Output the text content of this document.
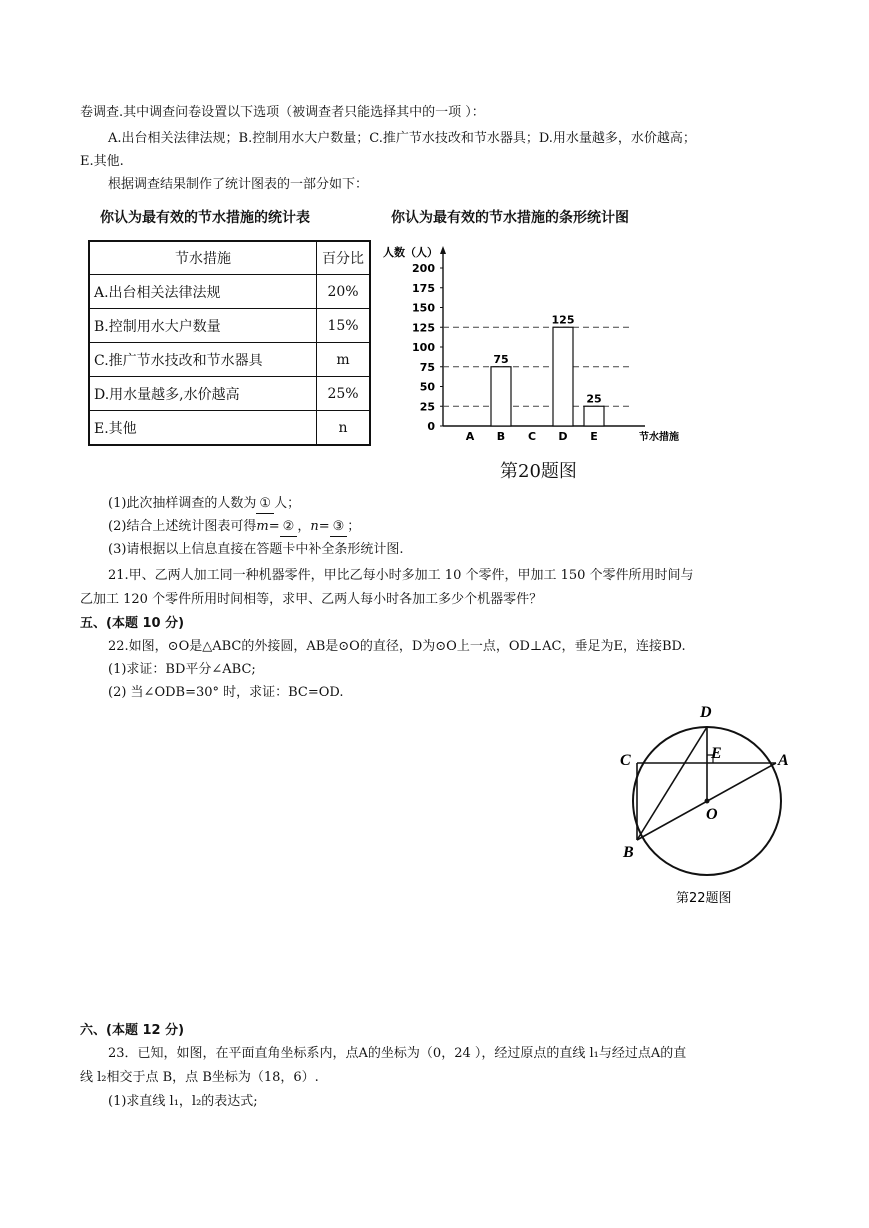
卷调查.其中调查问卷设置以下选项（被调查者只能选择其中的一项 ）：
A.出台相关法律法规；B.控制用水大户数量；C.推广节水技改和节水器具；D.用水量越多，水价越高；
E.其他.
根据调查结果制作了统计图表的一部分如下：
你认为最有效的节水措施的统计表
节水措施	百分比
A.出台相关法律法规	20%
B.控制用水大户数量	15%
C.推广节水技改和节水器具	m
D.用水量越多,水价越高	25%
E.其他	n
你认为最有效的节水措施的条形统计图
人数（人）
0
25
50
75
100
125
150
175
200
A
75
B C
125
D
25
E	节水措施
第20题图
(1)此次抽样调查的人数为 ① 人；
(2)结合上述统计图表可得m= ② ，n= ③ ；
(3)请根据以上信息直接在答题卡中补全条形统计图.
21.甲、乙两人加工同一种机器零件，甲比乙每小时多加工 10 个零件，甲加工 150 个零件所用时间与
乙加工 120 个零件所用时间相等，求甲、乙两人每小时各加工多少个机器零件？
五、(本题 10 分)
22.如图，⊙O是△ABC的外接圆，AB是⊙O的直径，D为⊙O上一点，OD⊥AC，垂足为E，连接BD.
(1)求证：BD平分∠ABC;
(2) 当∠ODB=30° 时，求证：BC=OD.
D
E
C	A
O
B
第22题图
六、(本题 12 分)
23．已知，如图，在平面直角坐标系内，点A的坐标为（0，24 ），经过原点的直线 l₁与经过点A的直
线 l₂相交于点 B，点 B坐标为（18，6）.
(1)求直线 l₁，l₂的表达式;
